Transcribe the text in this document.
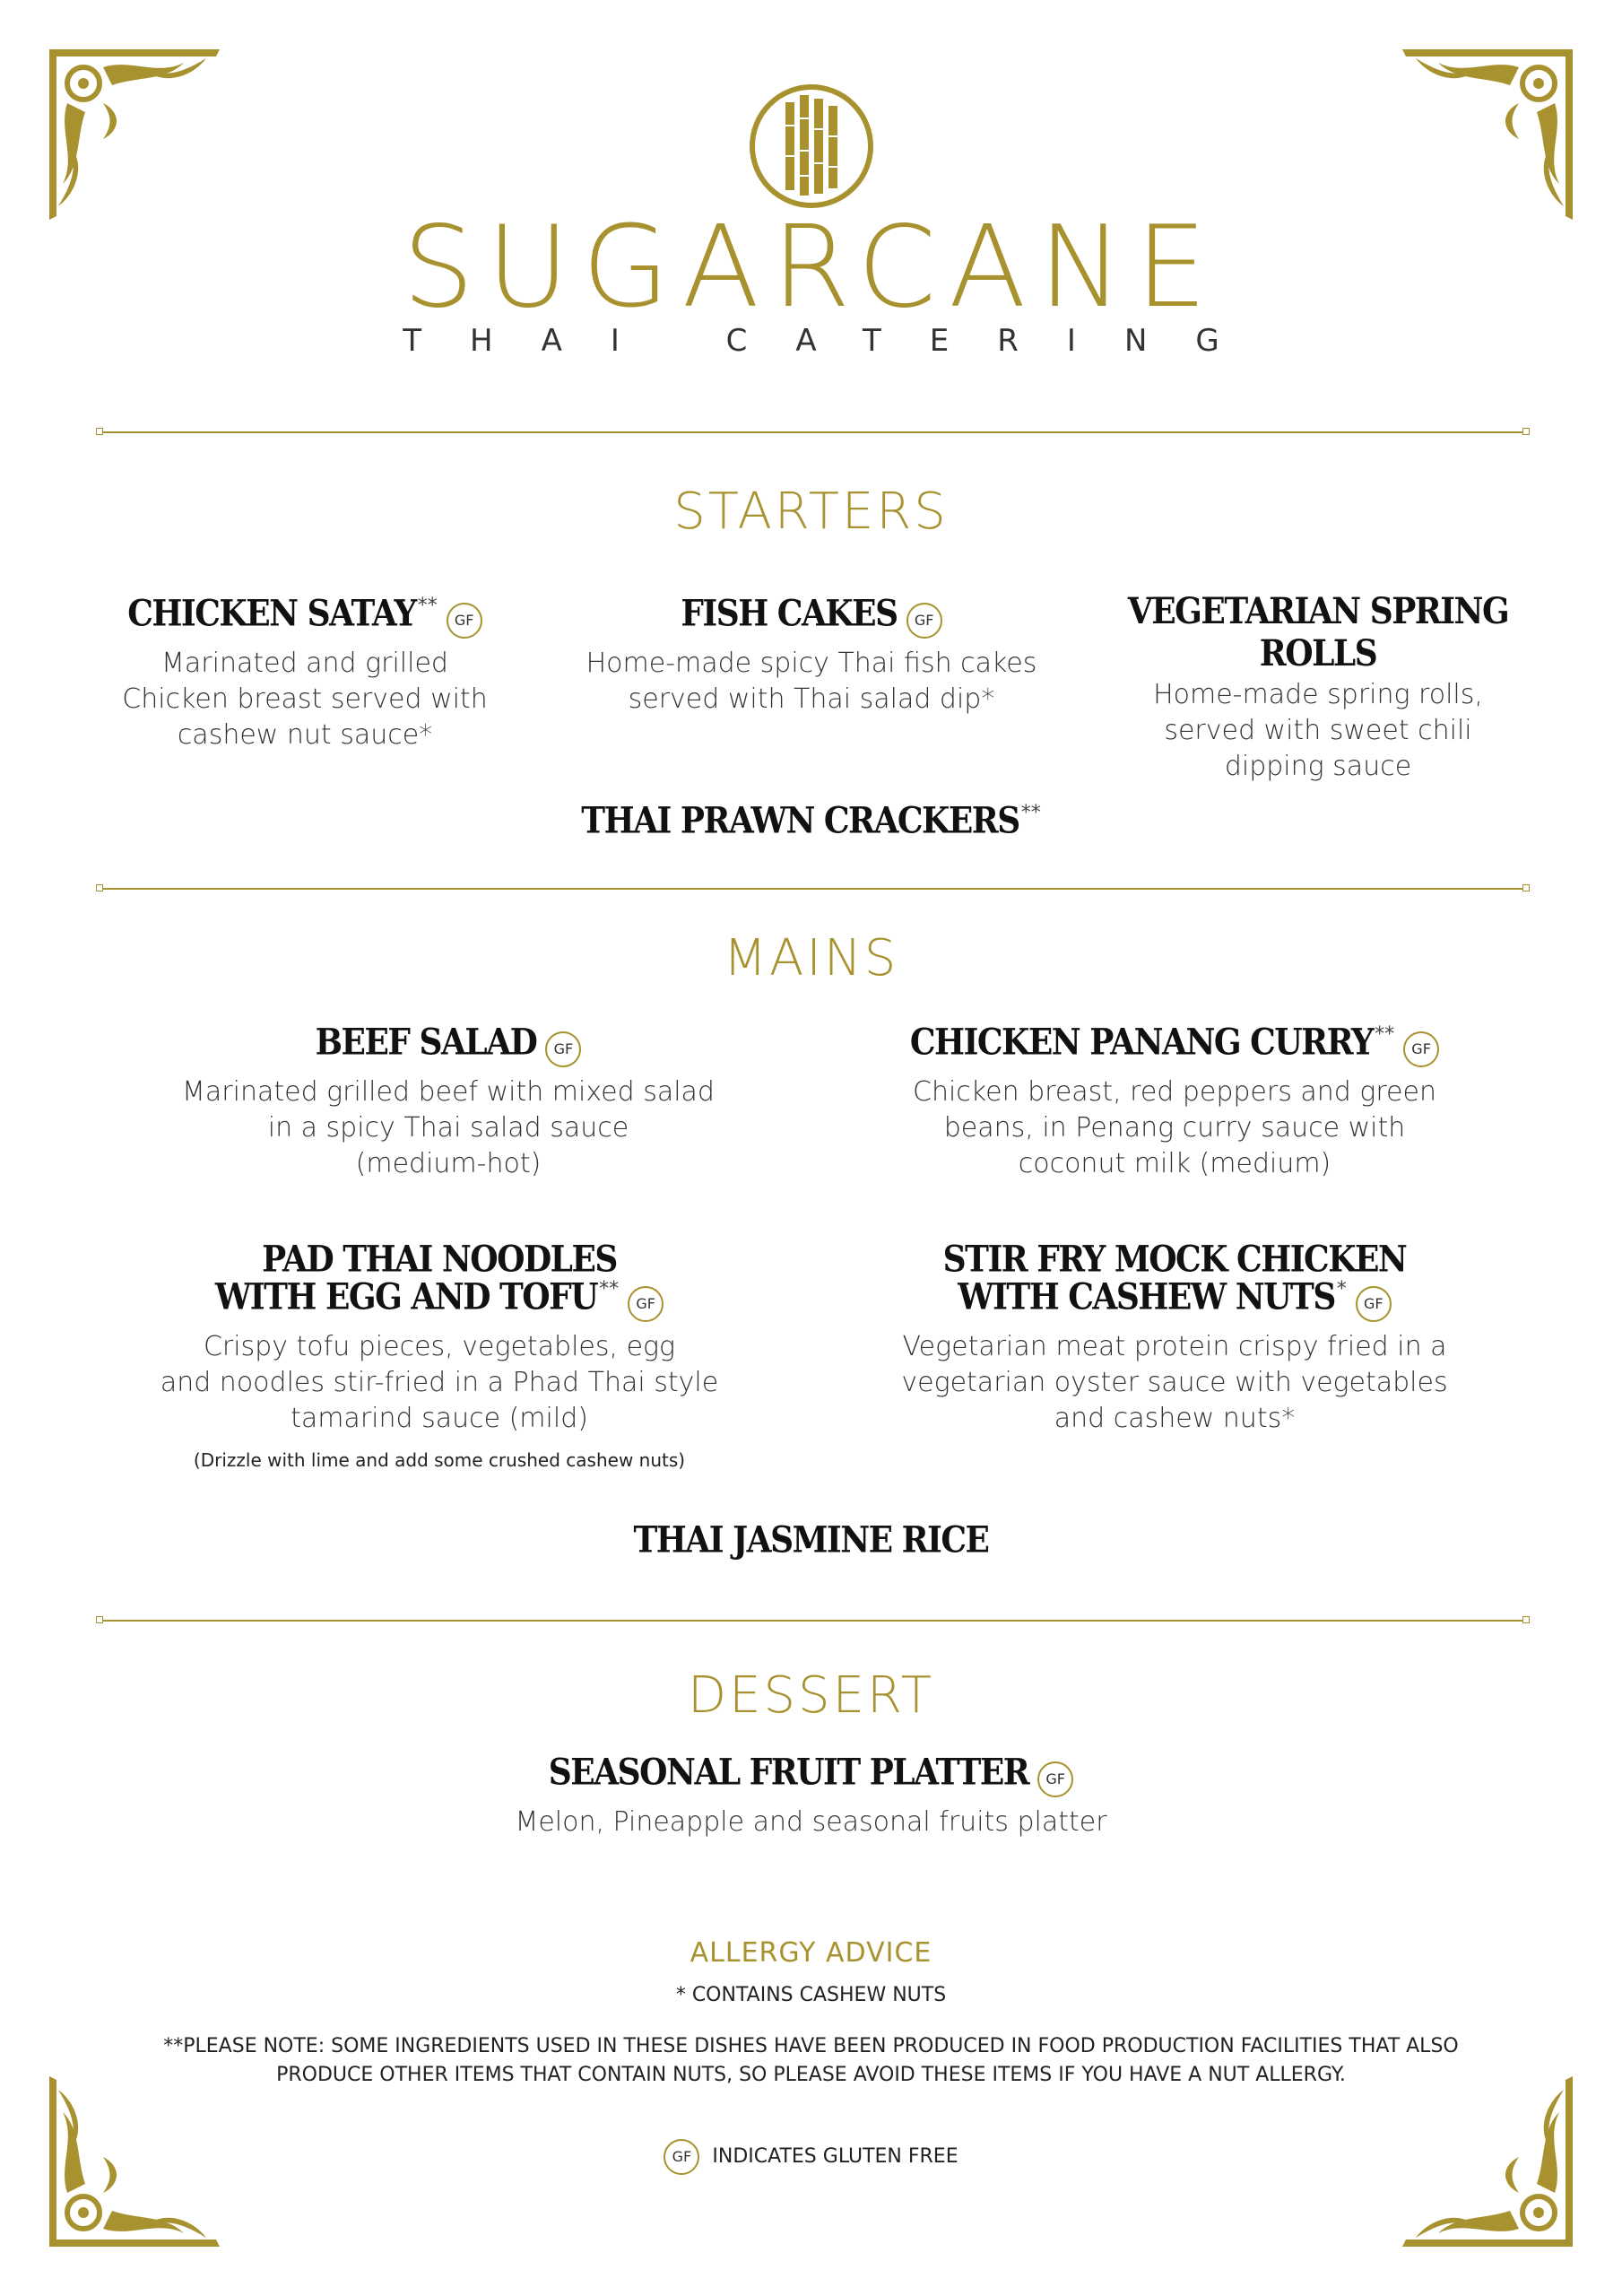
SUGARCANE
THAI CATERING
STARTERS
CHICKEN SATAY**GF
Marinated and grilled
Chicken breast served with
cashew nut sauce*
FISH CAKES GF
Home-made spicy Thai fish cakes
served with Thai salad dip*
VEGETARIAN SPRING ROLLS
Home-made spring rolls,
served with sweet chili
dipping sauce
THAI PRAWN CRACKERS**
MAINS
BEEF SALAD GF
Marinated grilled beef with mixed salad
in a spicy Thai salad sauce
(medium-hot)
CHICKEN PANANG CURRY**GF
Chicken breast, red peppers and green
beans, in Penang curry sauce with
coconut milk (medium)
PAD THAI NOODLES
WITH EGG AND TOFU**GF
Crispy tofu pieces, vegetables, egg
and noodles stir-fried in a Phad Thai style
tamarind sauce (mild)
(Drizzle with lime and add some crushed cashew nuts)
STIR FRY MOCK CHICKEN
WITH CASHEW NUTS*GF
Vegetarian meat protein crispy fried in a
vegetarian oyster sauce with vegetables
and cashew nuts*
THAI JASMINE RICE
DESSERT
SEASONAL FRUIT PLATTER GF
Melon, Pineapple and seasonal fruits platter
ALLERGY ADVICE
* CONTAINS CASHEW NUTS
**PLEASE NOTE: SOME INGREDIENTS USED IN THESE DISHES HAVE BEEN PRODUCED IN FOOD PRODUCTION FACILITIES THAT ALSO
PRODUCE OTHER ITEMS THAT CONTAIN NUTS, SO PLEASE AVOID THESE ITEMS IF YOU HAVE A NUT ALLERGY.
GF INDICATES GLUTEN FREE
